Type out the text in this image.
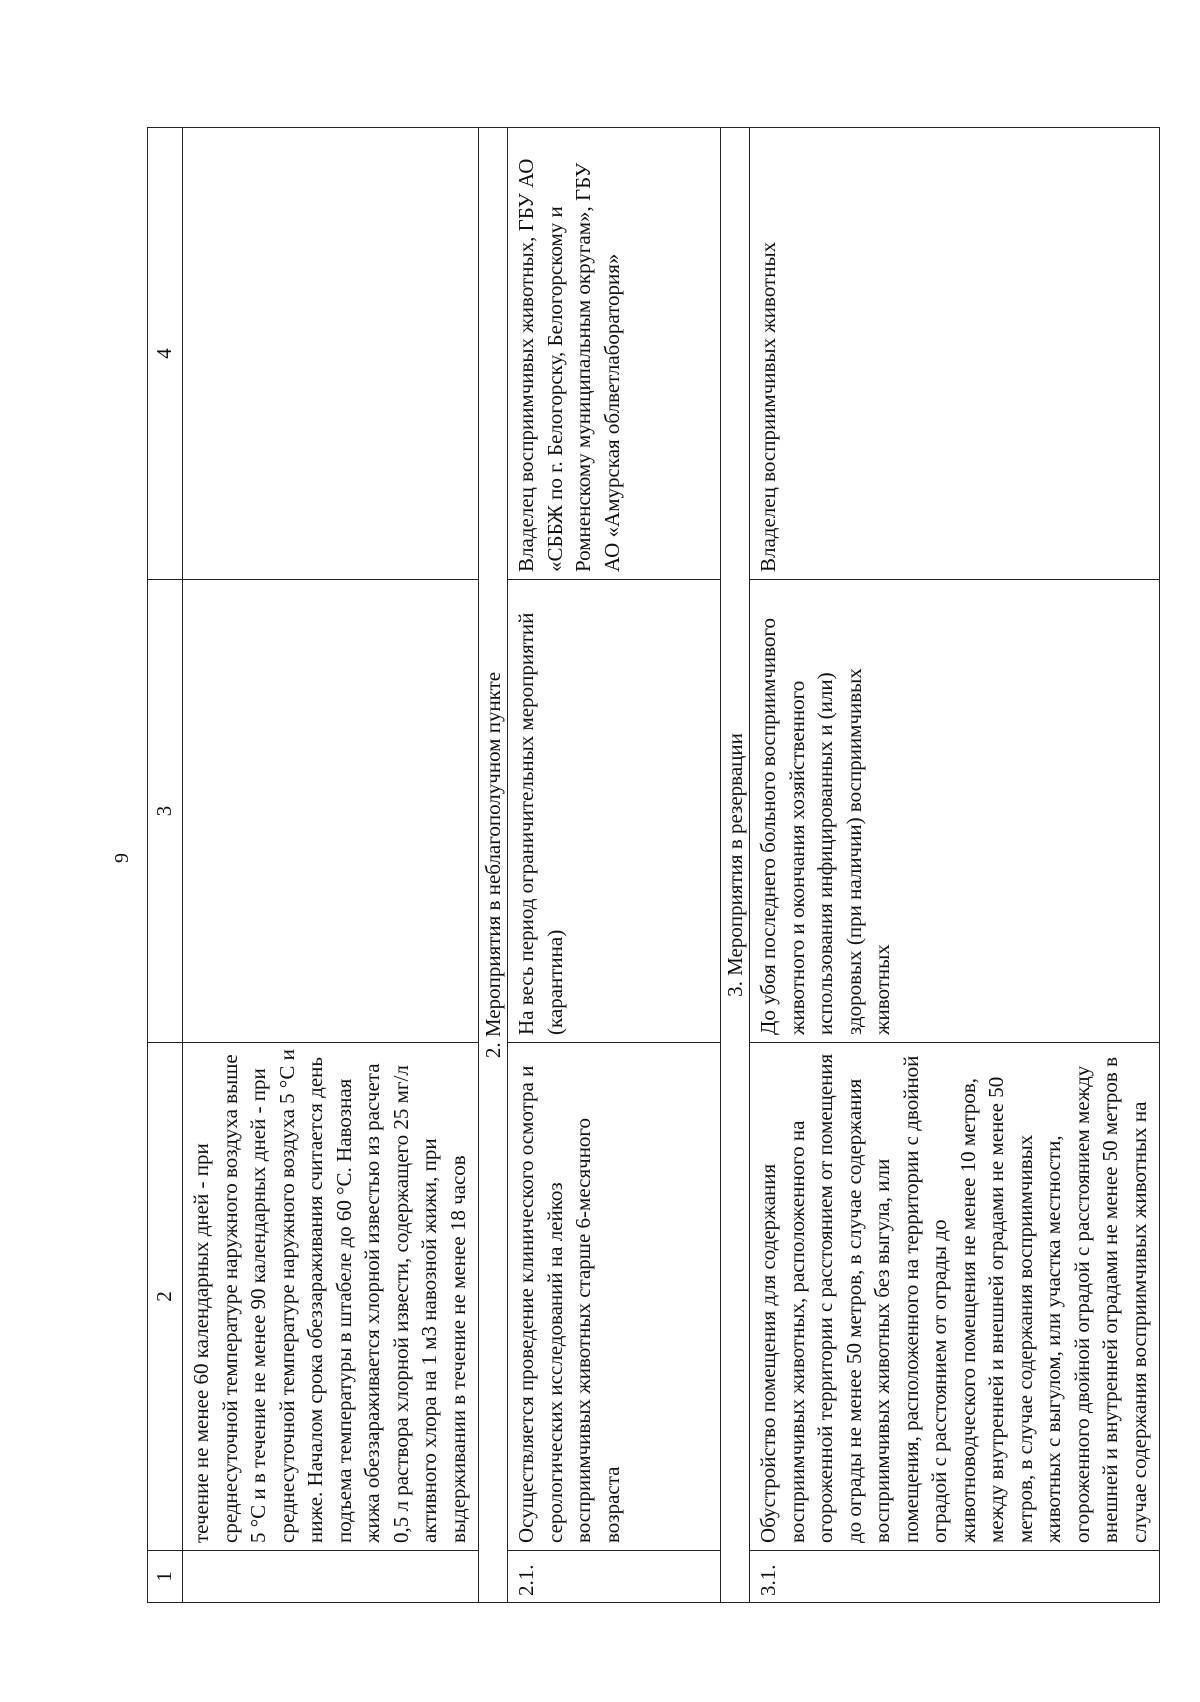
9
1	2	3	4
	течение не менее 60 календарных дней - при среднесуточной температуре наружного воздуха выше 5 °С и в течение не менее 90 календарных дней - при среднесуточной температуре наружного воздуха 5 °С и ниже. Началом срока обеззараживания считается день подъема температуры в штабеле до 60 °С. Навозная жижа обеззараживается хлорной известью из расчета 0,5 л раствора хлорной извести, содержащего 25 мг/л активного хлора на 1 м3 навозной жижи, при выдерживании в течение не менее 18 часов		
2. Мероприятия в неблагополучном пункте			
2.1.	Осуществляется проведение клинического осмотра и серологических исследований на лейкоз восприимчивых животных старше 6-месячного возраста	На весь период ограничительных мероприятий (карантина)	Владелец восприимчивых животных, ГБУ АО «СББЖ по г. Белогорску, Белогорскому и Ромненскому муниципальным округам», ГБУ АО «Амурская облветлаборатория»
3. Мероприятия в резервации			
3.1.	Обустройство помещения для содержания восприимчивых животных, расположенного на огороженной территории с расстоянием от помещения до ограды не менее 50 метров, в случае содержания восприимчивых животных без выгула, или помещения, расположенного на территории с двойной оградой с расстоянием от ограды до животноводческого помещения не менее 10 метров, между внутренней и внешней оградами не менее 50 метров, в случае содержания восприимчивых животных с выгулом, или участка местности, огороженного двойной оградой с расстоянием между внешней и внутренней оградами не менее 50 метров в случае содержания восприимчивых животных на	До убоя последнего больного восприимчивого животного и окончания хозяйственного использования инфицированных и (или) здоровых (при наличии) восприимчивых животных	Владелец восприимчивых животных
